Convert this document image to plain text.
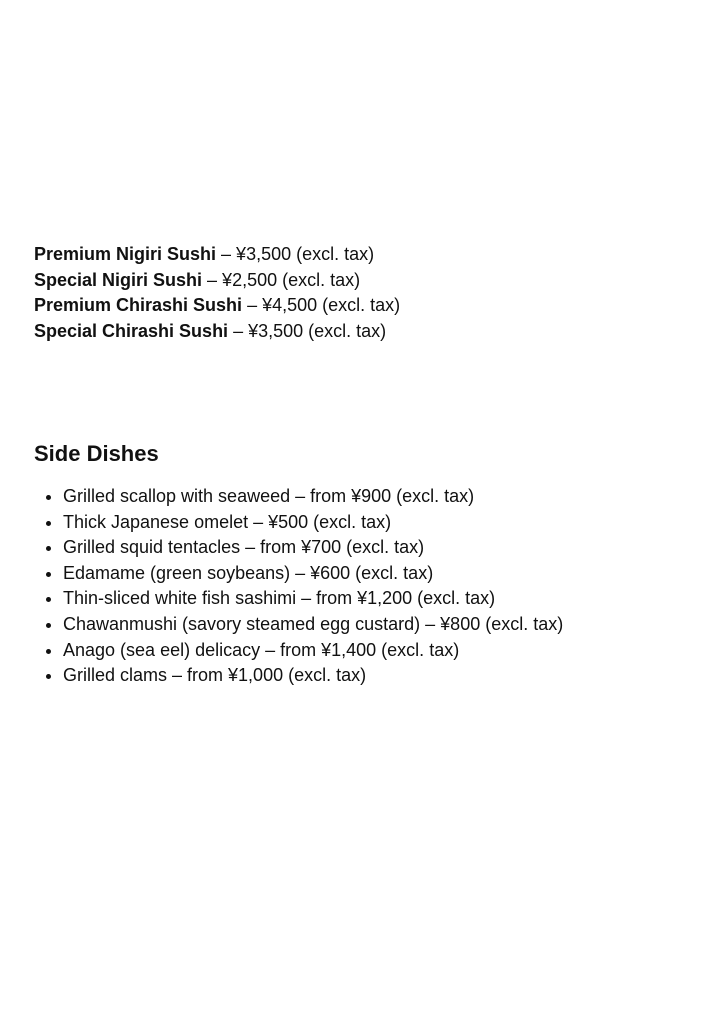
Premium Nigiri Sushi – ¥3,500 (excl. tax)
Special Nigiri Sushi – ¥2,500 (excl. tax)
Premium Chirashi Sushi – ¥4,500 (excl. tax)
Special Chirashi Sushi – ¥3,500 (excl. tax)
Side Dishes
• Grilled scallop with seaweed – from ¥900 (excl. tax)
• Thick Japanese omelet – ¥500 (excl. tax)
• Grilled squid tentacles – from ¥700 (excl. tax)
• Edamame (green soybeans) – ¥600 (excl. tax)
• Thin-sliced white fish sashimi – from ¥1,200 (excl. tax)
• Chawanmushi (savory steamed egg custard) – ¥800 (excl. tax)
• Anago (sea eel) delicacy – from ¥1,400 (excl. tax)
• Grilled clams – from ¥1,000 (excl. tax)
